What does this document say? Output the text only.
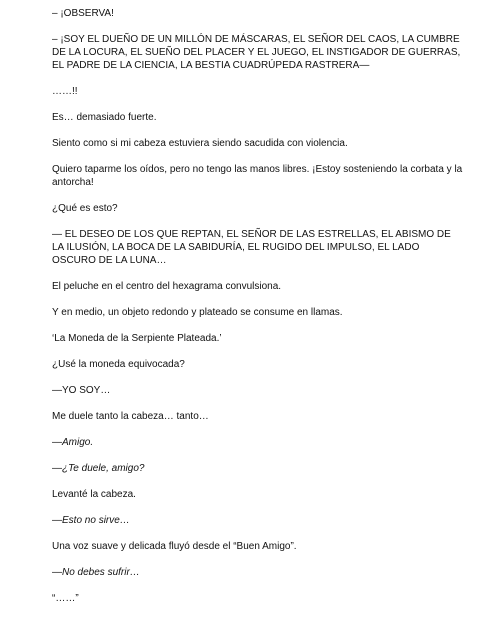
– ¡OBSERVA!

– ¡SOY EL DUEÑO DE UN MILLÓN DE MÁSCARAS, EL SEÑOR DEL CAOS, LA CUMBRE DE LA LOCURA, EL SUEÑO DEL PLACER Y EL JUEGO, EL INSTIGADOR DE GUERRAS, EL PADRE DE LA CIENCIA, LA BESTIA CUADRÚPEDA RASTRERA—

……!!

Es… demasiado fuerte.

Siento como si mi cabeza estuviera siendo sacudida con violencia.

Quiero taparme los oídos, pero no tengo las manos libres. ¡Estoy sosteniendo la corbata y la antorcha!

¿Qué es esto?

— EL DESEO DE LOS QUE REPTAN, EL SEÑOR DE LAS ESTRELLAS, EL ABISMO DE LA ILUSIÓN, LA BOCA DE LA SABIDURÍA, EL RUGIDO DEL IMPULSO, EL LADO OSCURO DE LA LUNA…

El peluche en el centro del hexagrama convulsiona.

Y en medio, un objeto redondo y plateado se consume en llamas.

‘La Moneda de la Serpiente Plateada.’

¿Usé la moneda equivocada?

—YO SOY…

Me duele tanto la cabeza… tanto…

—Amigo.

—¿Te duele, amigo?

Levanté la cabeza.

—Esto no sirve…

Una voz suave y delicada fluyó desde el “Buen Amigo”.

—No debes sufrir…

“……”
